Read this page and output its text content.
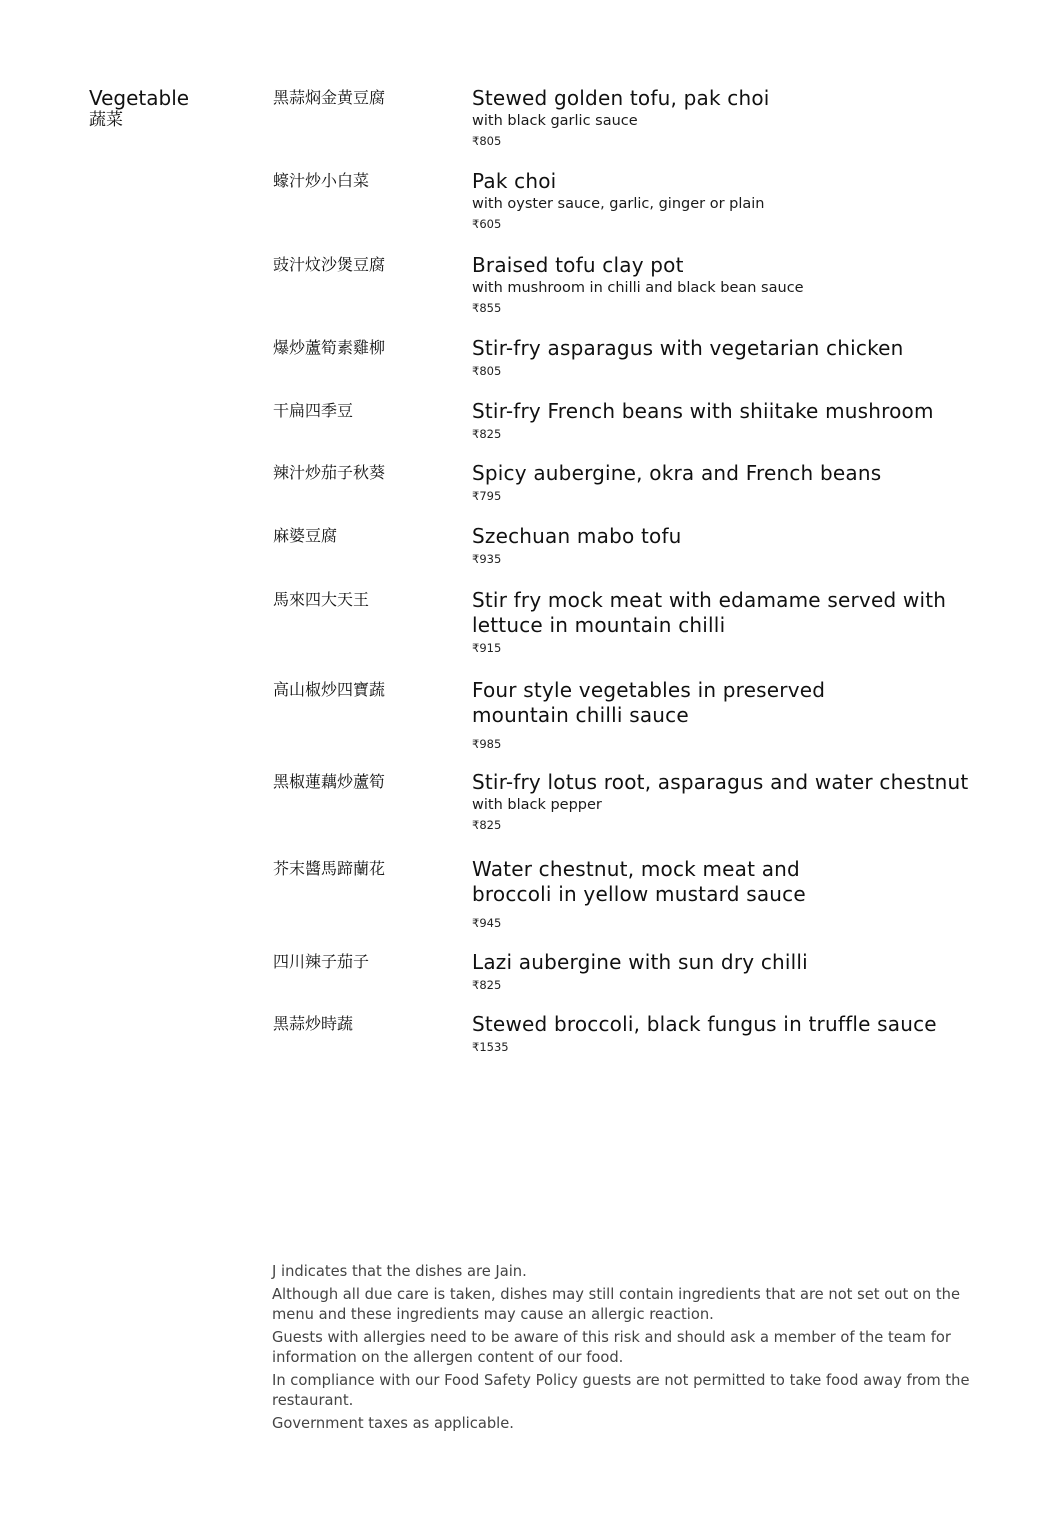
Vegetable
蔬菜
黑蒜焖金黄豆腐	Stewed golden tofu, pak choi
with black garlic sauce
₹805
蠔汁炒小白菜	Pak choi
with oyster sauce, garlic, ginger or plain
₹605
豉汁炆沙煲豆腐	Braised tofu clay pot
with mushroom in chilli and black bean sauce
₹855
爆炒蘆筍素雞柳	Stir-fry asparagus with vegetarian chicken
₹805
干扁四季豆	Stir-fry French beans with shiitake mushroom
₹825
辣汁炒茄子秋葵	Spicy aubergine, okra and French beans
₹795
麻婆豆腐	Szechuan mabo tofu
₹935
馬來四大天王	Stir fry mock meat with edamame served with
lettuce in mountain chilli
₹915
高山椒炒四寶蔬	Four style vegetables in preserved
mountain chilli sauce
₹985
黑椒蓮藕炒蘆筍	Stir-fry lotus root, asparagus and water chestnut
with black pepper
₹825
芥末醬馬蹄蘭花	Water chestnut, mock meat and
broccoli in yellow mustard sauce
₹945
四川辣子茄子	Lazi aubergine with sun dry chilli
₹825
黑蒜炒時蔬	Stewed broccoli, black fungus in truffle sauce
₹1535

J indicates that the dishes are Jain.

Although all due care is taken, dishes may still contain ingredients that are not set out on the menu and these ingredients may cause an allergic reaction.

Guests with allergies need to be aware of this risk and should ask a member of the team for information on the allergen content of our food.

In compliance with our Food Safety Policy guests are not permitted to take food away from the restaurant.

Government taxes as applicable.
